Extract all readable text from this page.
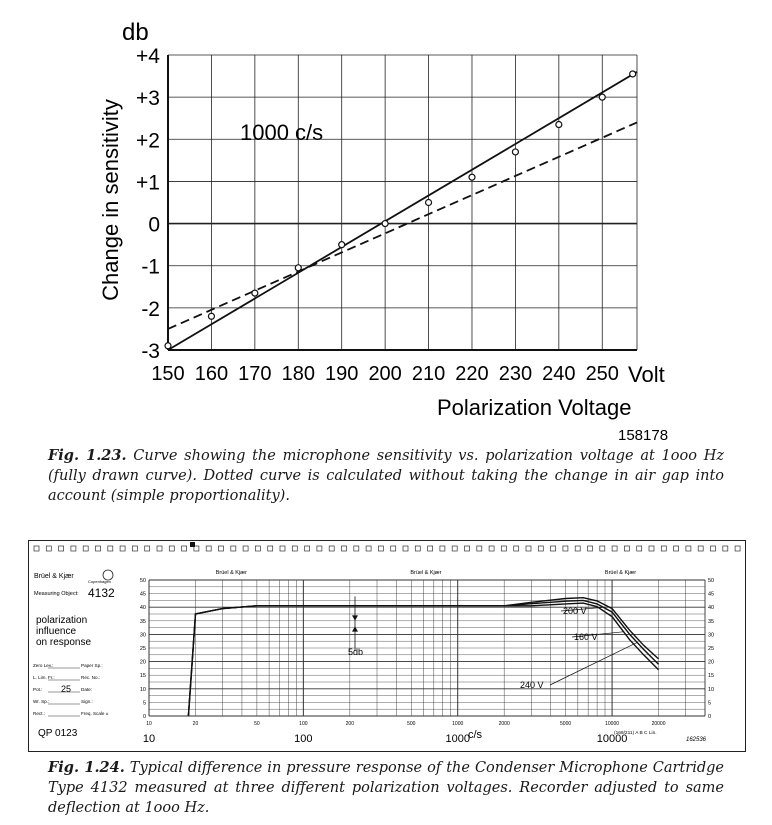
150 160 170 180 190 200 210 220 230 240 250
-3
-2
-1
0
+1
+2
+3
+4
db
Change in sensitivity
Volt
Polarization Voltage
1000 c/s
158178
Fig. 1.23. Curve showing the microphone sensitivity vs. polarization voltage at 1ooo Hz (fully drawn curve). Dotted curve is calculated without taking the change in air gap into account (simple proportionality).
0	0
5	5
10	10
15	15
20	20
25	25
30	30
35	35
40	40
45	45
50	50
10	20	50	100	200	500	1000	2000	5000	10000	20000
10	100	1000	10000
Brüel & Kjær	Brüel & Kjær	Brüel & Kjær
Zero Lev.:	Paper Sp.:
L. Lim. Fr.:	Rec. No.:
Pot.:	Date:
Wr. Sp.:	Sign.:
Rect.:	Freq. Scale ±
Brüel & Kjær
Copenhagen
Measuring Object: 4132
polarization
influence
on response
25
QP 0123	c/s	162536
(169/211) A B C Lin.
5db
200 V
160 V
240 V
Fig. 1.24. Typical difference in pressure response of the Condenser Microphone Cartridge Type 4132 measured at three different polarization voltages. Recorder adjusted to same deflection at 1ooo Hz.
